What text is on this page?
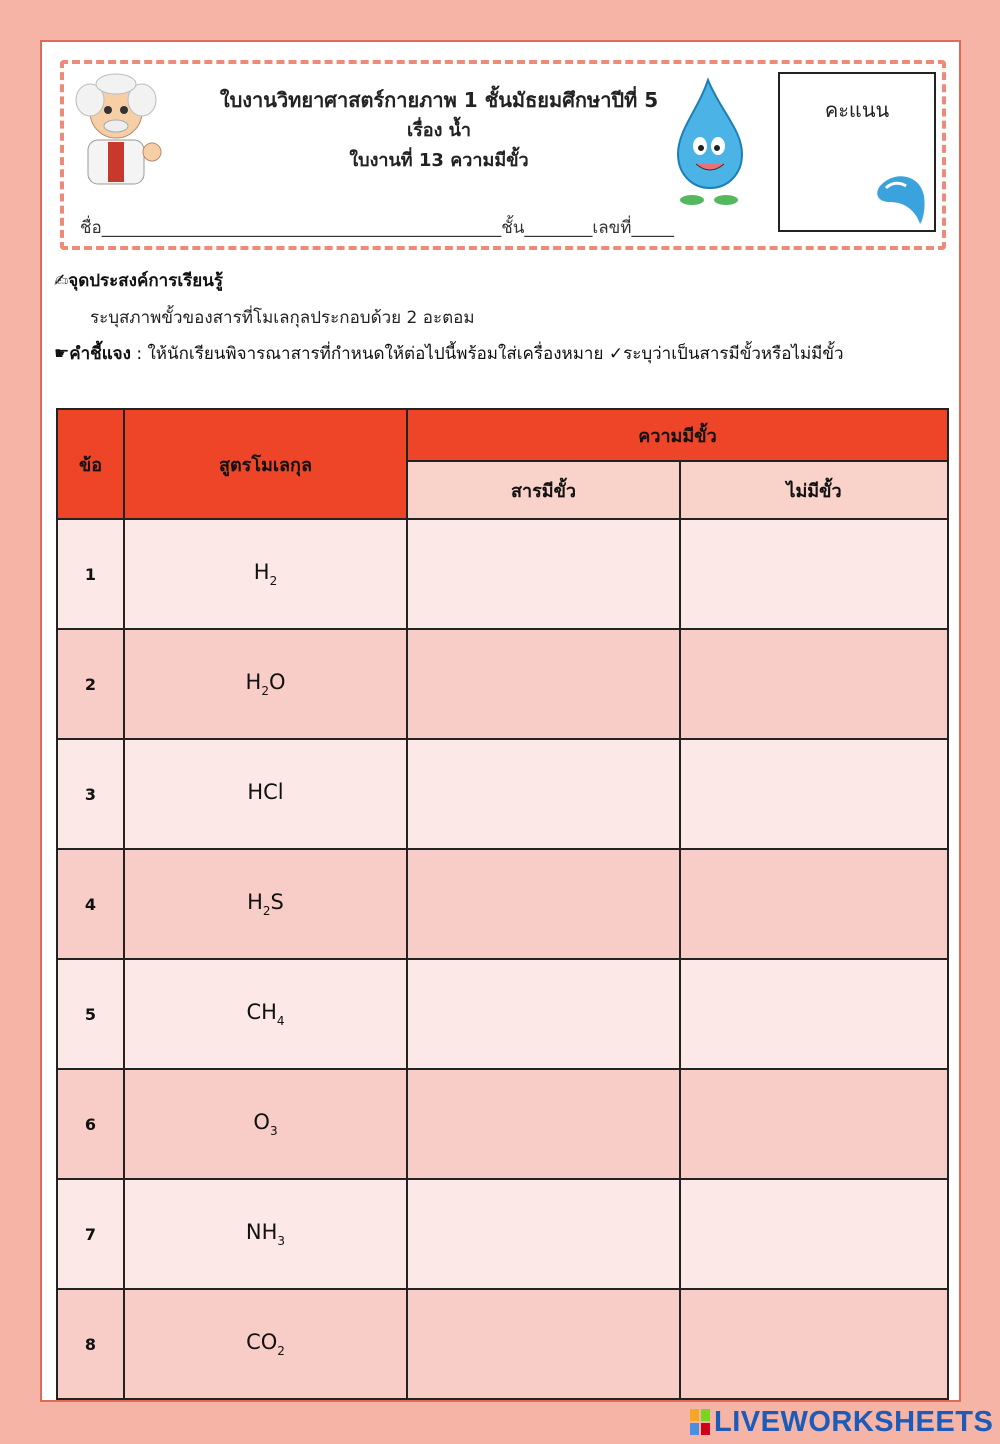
ใบงานวิทยาศาสตร์กายภาพ 1 ชั้นมัธยมศึกษาปีที่ 5
เรื่อง น้ำ
ใบงานที่ 13 ความมีขั้ว
คะแนน
ชื่อ_______________________________________________ชั้น________เลขที่_____
✍จุดประสงค์การเรียนรู้
ระบุสภาพขั้วของสารที่โมเลกุลประกอบด้วย 2 อะตอม
☛คำชี้แจง : ให้นักเรียนพิจารณาสารที่กำหนดให้ต่อไปนี้พร้อมใส่เครื่องหมาย ✓ระบุว่าเป็นสารมีขั้วหรือไม่มีขั้ว
ข้อ	สูตรโมเลกุล	ความมีขั้ว	
		สารมีขั้ว	ไม่มีขั้ว
1	$H_2$		
2	$H_2O$		
3	HCl		
4	$H_2S$		
5	$CH_4$		
6	$O_3$		
7	$NH_3$		
8	$CO_2$		
LIVEWORKSHEETS
